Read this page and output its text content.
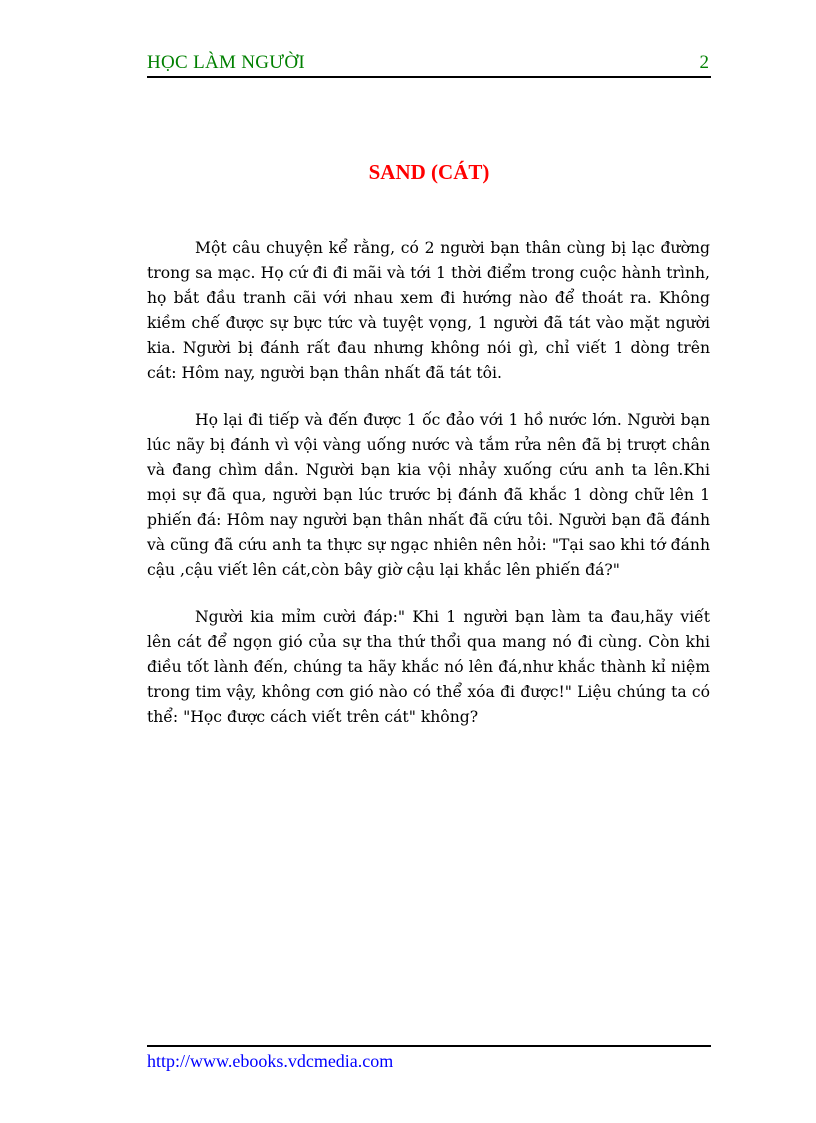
HỌC LÀM NGƯỜI	2
SAND (CÁT)

Một câu chuyện kể rằng, có 2 người bạn thân cùng bị lạc đường trong sa mạc. Họ cứ đi đi mãi và tới 1 thời điểm trong cuộc hành trình, họ bắt đầu tranh cãi với nhau xem đi hướng nào để thoát ra. Không kiềm chế được sự bực tức và tuyệt vọng, 1 người đã tát vào mặt người kia. Người bị đánh rất đau nhưng không nói gì, chỉ viết 1 dòng trên cát: Hôm nay, người bạn thân nhất đã tát tôi.

Họ lại đi tiếp và đến được 1 ốc đảo với 1 hồ nước lớn. Người bạn lúc nãy bị đánh vì vội vàng uống nước và tắm rửa nên đã bị trượt chân và đang chìm dần. Người bạn kia vội nhảy xuống cứu anh ta lên.Khi mọi sự đã qua, người bạn lúc trước bị đánh đã khắc 1 dòng chữ lên 1 phiến đá: Hôm nay người bạn thân nhất đã cứu tôi. Người bạn đã đánh và cũng đã cứu anh ta thực sự ngạc nhiên nên hỏi: "Tại sao khi tớ đánh cậu ,cậu viết lên cát,còn bây giờ cậu lại khắc lên phiến đá?"

Người kia mỉm cười đáp:" Khi 1 người bạn làm ta đau,hãy viết lên cát để ngọn gió của sự tha thứ thổi qua mang nó đi cùng. Còn khi điều tốt lành đến, chúng ta hãy khắc nó lên đá,như khắc thành kỉ niệm trong tim vậy, không cơn gió nào có thể xóa đi được!" Liệu chúng ta có thể: "Học được cách viết trên cát" không?

http://www.ebooks.vdcmedia.com
